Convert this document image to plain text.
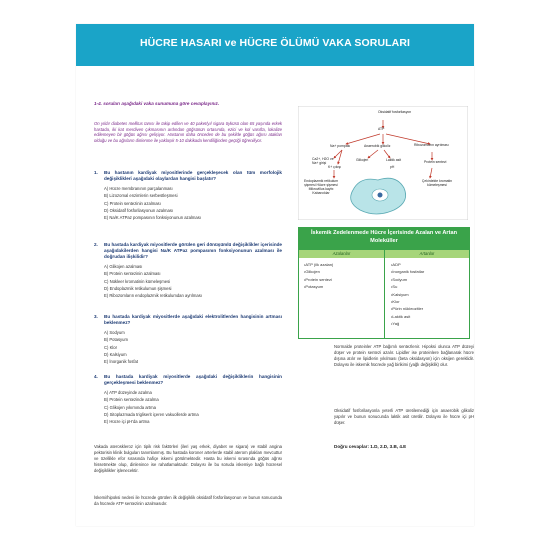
HÜCRE HASARI ve HÜCRE ÖLÜMÜ VAKA SORULARI
1-4. soruları aşağıdaki vaka sunumuna göre cevaplayınız.
On yıldır diabetes mellitus tanısı ile takip edilen ve 40 paket/yıl sigara öyküsü olan 65 yaşında erkek hastada, iki kat merdiven çıkmasının ardından göğsünün ortasında, ezici ve kol vasıfta, lokalize edilemeyen bir göğüs ağrısı gelişiyor. Hastanın daha önceden de bu şekilde göğüs ağrısı ataklan olduğu ve bu ağrıların dinlenme ile yaklaşık 5-10 dakikada kendiliğinden geçtiği öğreniliyor.
1. Bu hastanın kardiyak miyositlerinde gerçekleşecek olan tüm morfolojik değişiklikleri aşağıdaki olaylardan hangisi başlatır?
A) Hücre membranının parçalanması
B) Lizozomal enzimlerin serbestleşmesi
C) Protein sentezinin azalması
D) Oksidatif fosforilasyonun azalması
E) Na/K ATPaz pompasının fonksiyonunun azalması
2. Bu hastada kardiyak miyositlerde görülen geri dönüşümlü değişiklikler içerisinde aşağıdakilerden hangisi Na/K ATPaz pompasının fonksiyonunun azalması ile doğrudan ilişkilidir?
A) Glikojen azalması
B) Protein sentezinin azalması
C) Nükleer kromatinin kümeleşmesi
D) Endoplazmik retikulumun şişmesi
E) Ribozomların endoplazmik retikulumdan ayrılması
3. Bu hastada kardiyak miyositlerde aşağıdaki elektrolitlerden hangisinin artması beklenmez?
A) Sodyum
B) Potasyum
C) Klor
D) Kalsiyum
E) İnorganik fosfat
4. Bu hastada kardiyak miyositlerde aşağıdaki değişikliklerin hangisinin gerçekleşmesi beklenmez?
A) ATP düzeyinde azalma
B) Protein sentezinde azalma
C) Glikojen yıkımında artma
D) Sitoplazmada trigliserit içeren vakuollerde artma
E) Hücre içi pH'da artma
Vakada ateroskleroz için tipik risk faktörleri (ileri yaş erkek, diyabet ve sigara) ve stabil angina pektorisin klinik bulguları tanımlanmış. Bu hastada koroner arterlerde stabil aterom plakları mevcuttur ve özellikle efor sırasında hafiçe iskemi görülmektedir. Hasta bu iskemi sırasında göğüs ağrısı hissetmekte olup, dinlenince ise rahatlamaktadır. Dolayısı ile bu soruda iskemiye bağlı hücresel değişiklikler işlenecektir.
İskemi/hipoksi nedeni ile hücrede görülen ilk değişiklik oksidatif fosforilasyonun ve bunun sonucunda da hücrede ATP sentezinin azalmasıdır.
Oksidatif fosforilasyon
ATP
Na+ pompası	Anaerobik glikoliz	Ribozomların ayrılması
Ca2+, H2O ve Na+ girişi
K+ çıkışı
Glikojen	Laktik asit
pH
Protein sentezi
Endoplazmik retikulum şişmesi Hücre şişmesi Mikrovillus kaybı Kabarcıklar
Çekirdekte kromatin kümeleşmesi
İskemik Zedelenmede Hücre İçerisinde Azalan ve Artan Moleküller
Azalanlar	Artanlar
• ATP (ilk azalan)
• Glikojen
• Protein sentezi
• Potasyum
• ADP
• İnorganik fosfatlar
• Sodyum
• Su
• Kalsiyum
• Klor
• Pürin nükleozitler
• Laktik asit
• Yağ
Normalde proteinler ATP bağımlı sentezlenir. Hipoksi olunca ATP düzeyi düşer ve protein sentezi azalır. Lipidler ise proteinlere bağlanarak hücre dışına atılır ve lipidlerin yıkılması (beta oksidasyon) için oksijen gereklidir. Dolayısı ile iskemik hücrede yağ birikimi (yağlı değişiklik) olur.
Oksidatif fosforilasyonla yeterli ATP üretilemediği için anaerobik glikoliz yapılır ve bunun sonucunda laktik asit üretilir. Dolayısı ile hücre içi pH düşer.
Doğru cevaplar: 1.D, 2.D, 3.B, 4.E
